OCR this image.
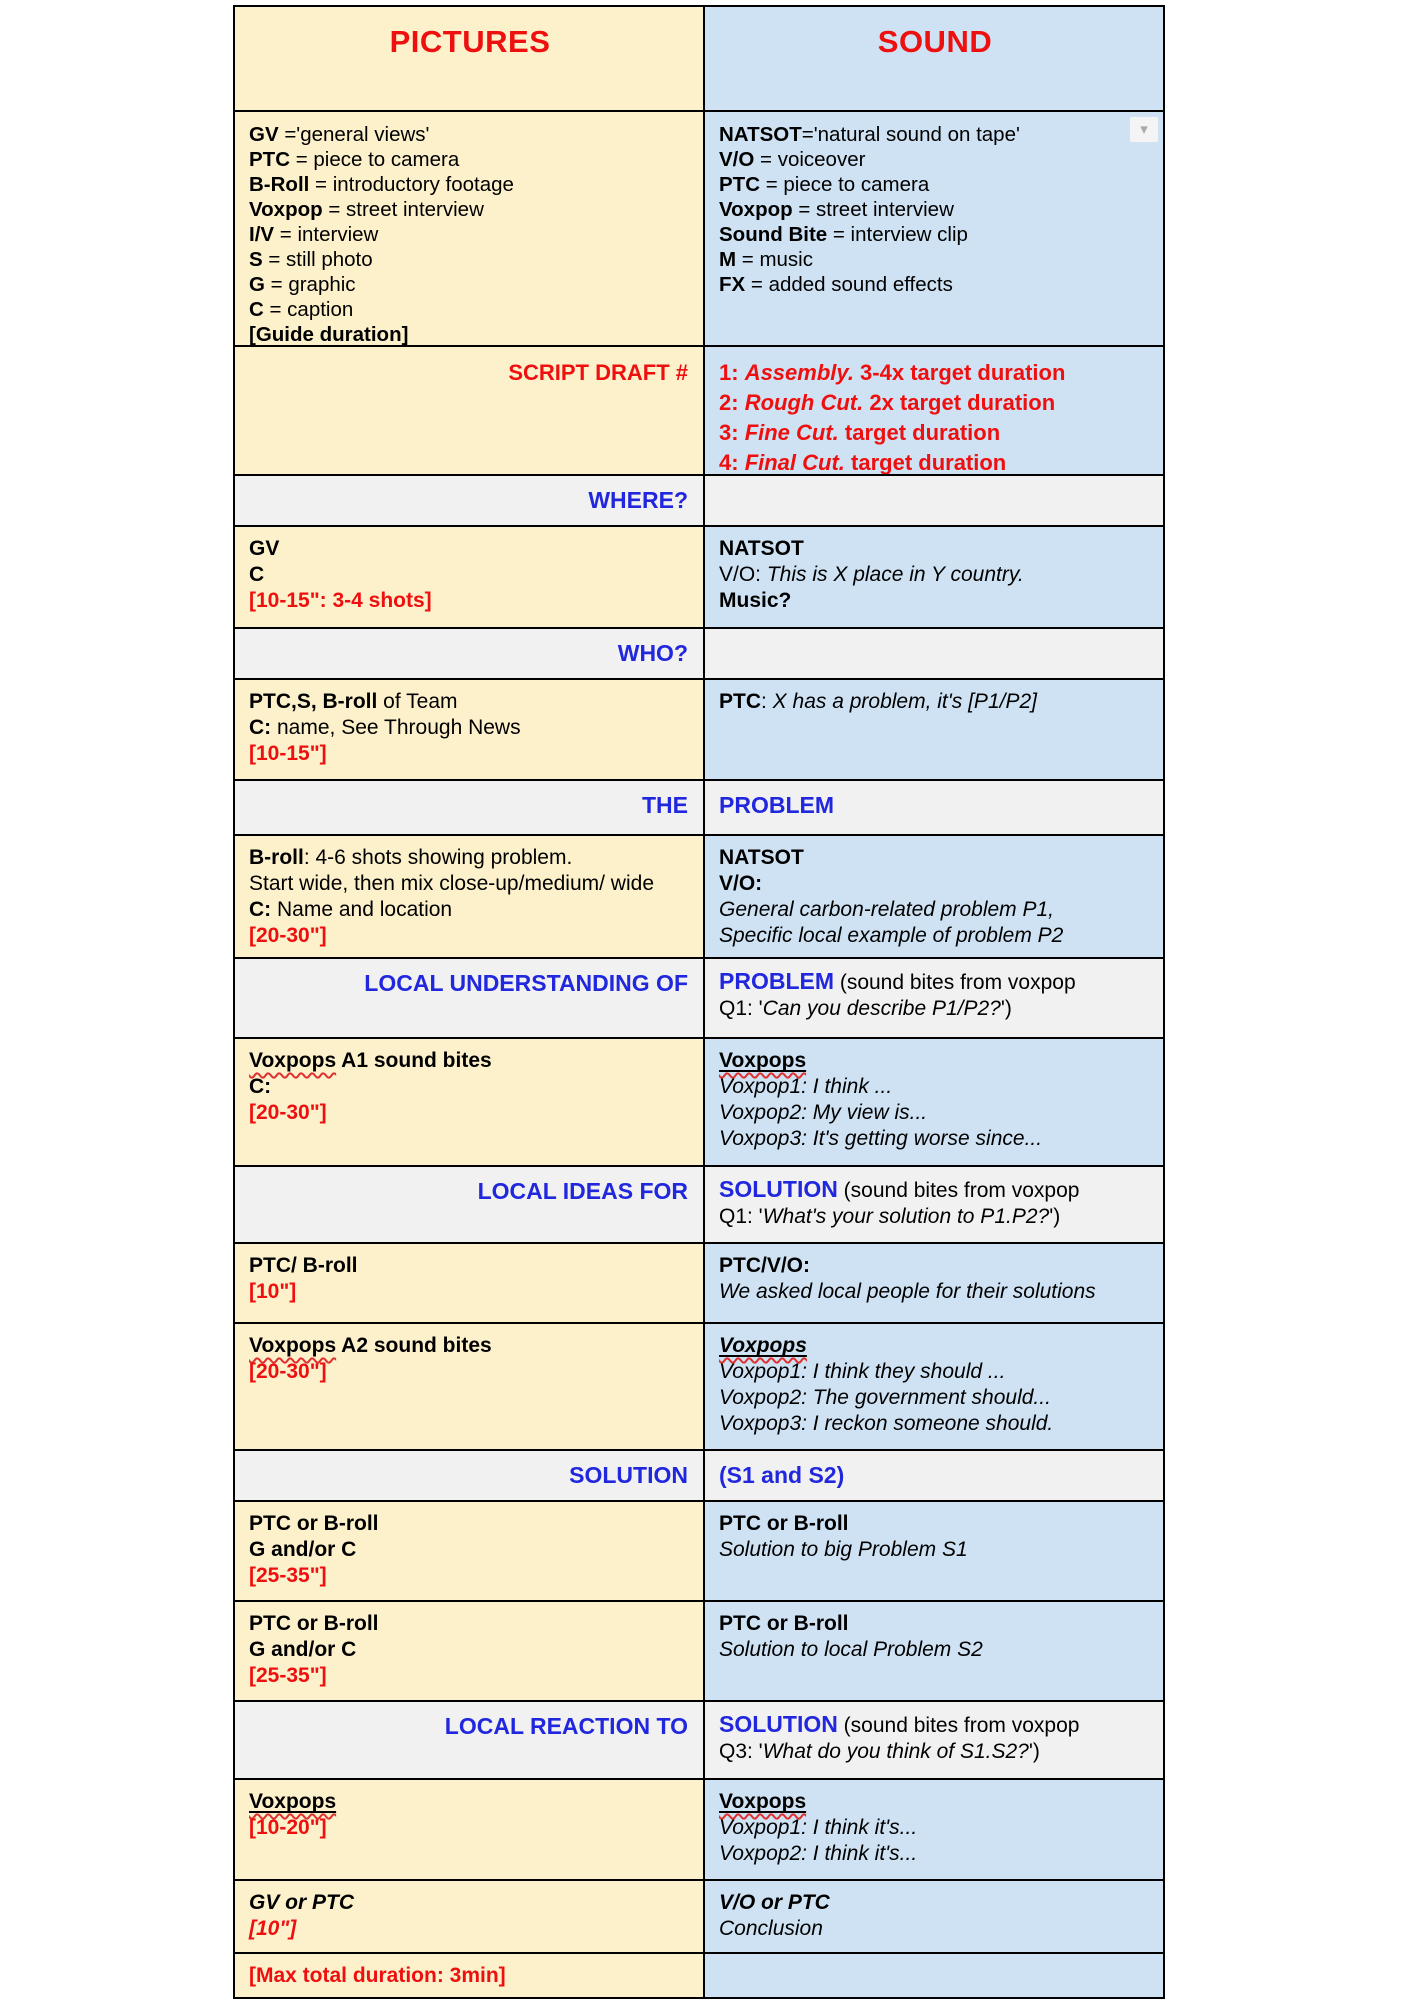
PICTURES	SOUND
GV ='general views'
PTC = piece to camera
B-Roll = introductory footage
Voxpop = street interview
I/V = interview
S = still photo
G = graphic
C = caption
[Guide duration]
NATSOT='natural sound on tape'
V/O = voiceover
PTC = piece to camera
Voxpop = street interview
Sound Bite = interview clip
M = music
FX = added sound effects
▾
SCRIPT DRAFT # 1: Assembly. 3-4x target duration
2: Rough Cut. 2x target duration
3: Fine Cut. target duration
4: Final Cut. target duration
WHERE?
GV
C
[10-15": 3-4 shots]
NATSOT
V/O: This is X place in Y country.
Music?
WHO?
PTC,S, B-roll of Team
C: name, See Through News
[10-15"]
PTC: X has a problem, it's [P1/P2]
THE PROBLEM
B-roll: 4-6 shots showing problem.
Start wide, then mix close-up/medium/ wide
C: Name and location
[20-30"]
NATSOT
V/O:
General carbon-related problem P1,
Specific local example of problem P2
LOCAL UNDERSTANDING OF PROBLEM (sound bites from voxpop
Q1: 'Can you describe P1/P2?')
Voxpops A1 sound bites
C:
[20-30"]
Voxpops
Voxpop1: I think ...
Voxpop2: My view is...
Voxpop3: It's getting worse since...
LOCAL IDEAS FOR SOLUTION (sound bites from voxpop
Q1: 'What's your solution to P1.P2?')
PTC/ B-roll
[10"]
PTC/V/O:
We asked local people for their solutions
Voxpops A2 sound bites
[20-30"]
Voxpops
Voxpop1: I think they should ...
Voxpop2: The government should...
Voxpop3: I reckon someone should.
SOLUTION (S1 and S2)
PTC or B-roll
G and/or C
[25-35"]
PTC or B-roll
Solution to big Problem S1
PTC or B-roll
G and/or C
[25-35"]
PTC or B-roll
Solution to local Problem S2
LOCAL REACTION TO SOLUTION (sound bites from voxpop
Q3: 'What do you think of S1.S2?')
Voxpops
[10-20"]
Voxpops
Voxpop1: I think it's...
Voxpop2: I think it's...
GV or PTC
[10"]
V/O or PTC
Conclusion
[Max total duration: 3min]
